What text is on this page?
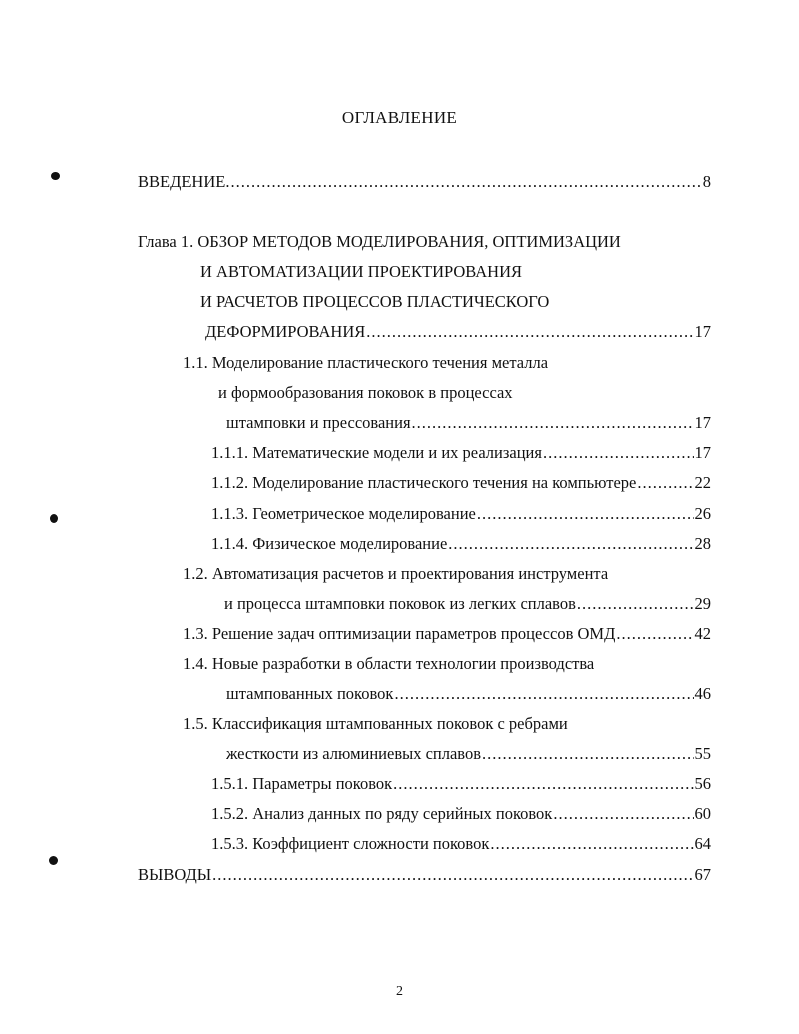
ОГЛАВЛЕНИЕ
ВВЕДЕНИЕ. .....	8
Глава 1. ОБЗОР МЕТОДОВ МОДЕЛИРОВАНИЯ, ОПТИМИЗАЦИИ
И АВТОМАТИЗАЦИИ ПРОЕКТИРОВАНИЯ
И РАСЧЕТОВ ПРОЦЕССОВ ПЛАСТИЧЕСКОГО
ДЕФОРМИРОВАНИЯ .....	17
1.1. Моделирование пластического течения металла
и формообразования поковок в процессах
штамповки и прессования .....	17
1.1.1. Математические модели и их реализация .....	17
1.1.2. Моделирование пластического течения на компьютере .....	22
1.1.3. Геометрическое моделирование .....	26
1.1.4. Физическое моделирование .....	28
1.2. Автоматизация расчетов и проектирования инструмента
и процесса штамповки поковок из легких сплавов .....	29
1.3. Решение задач оптимизации параметров процессов ОМД .....	42
1.4. Новые разработки в области технологии производства
штампованных поковок .....	46
1.5. Классификация штампованных поковок с ребрами
жесткости из алюминиевых сплавов .....	55
1.5.1. Параметры поковок .....	56
1.5.2. Анализ данных по ряду серийных поковок .....	60
1.5.3. Коэффициент сложности поковок .....	64
ВЫВОДЫ .....	67
2
